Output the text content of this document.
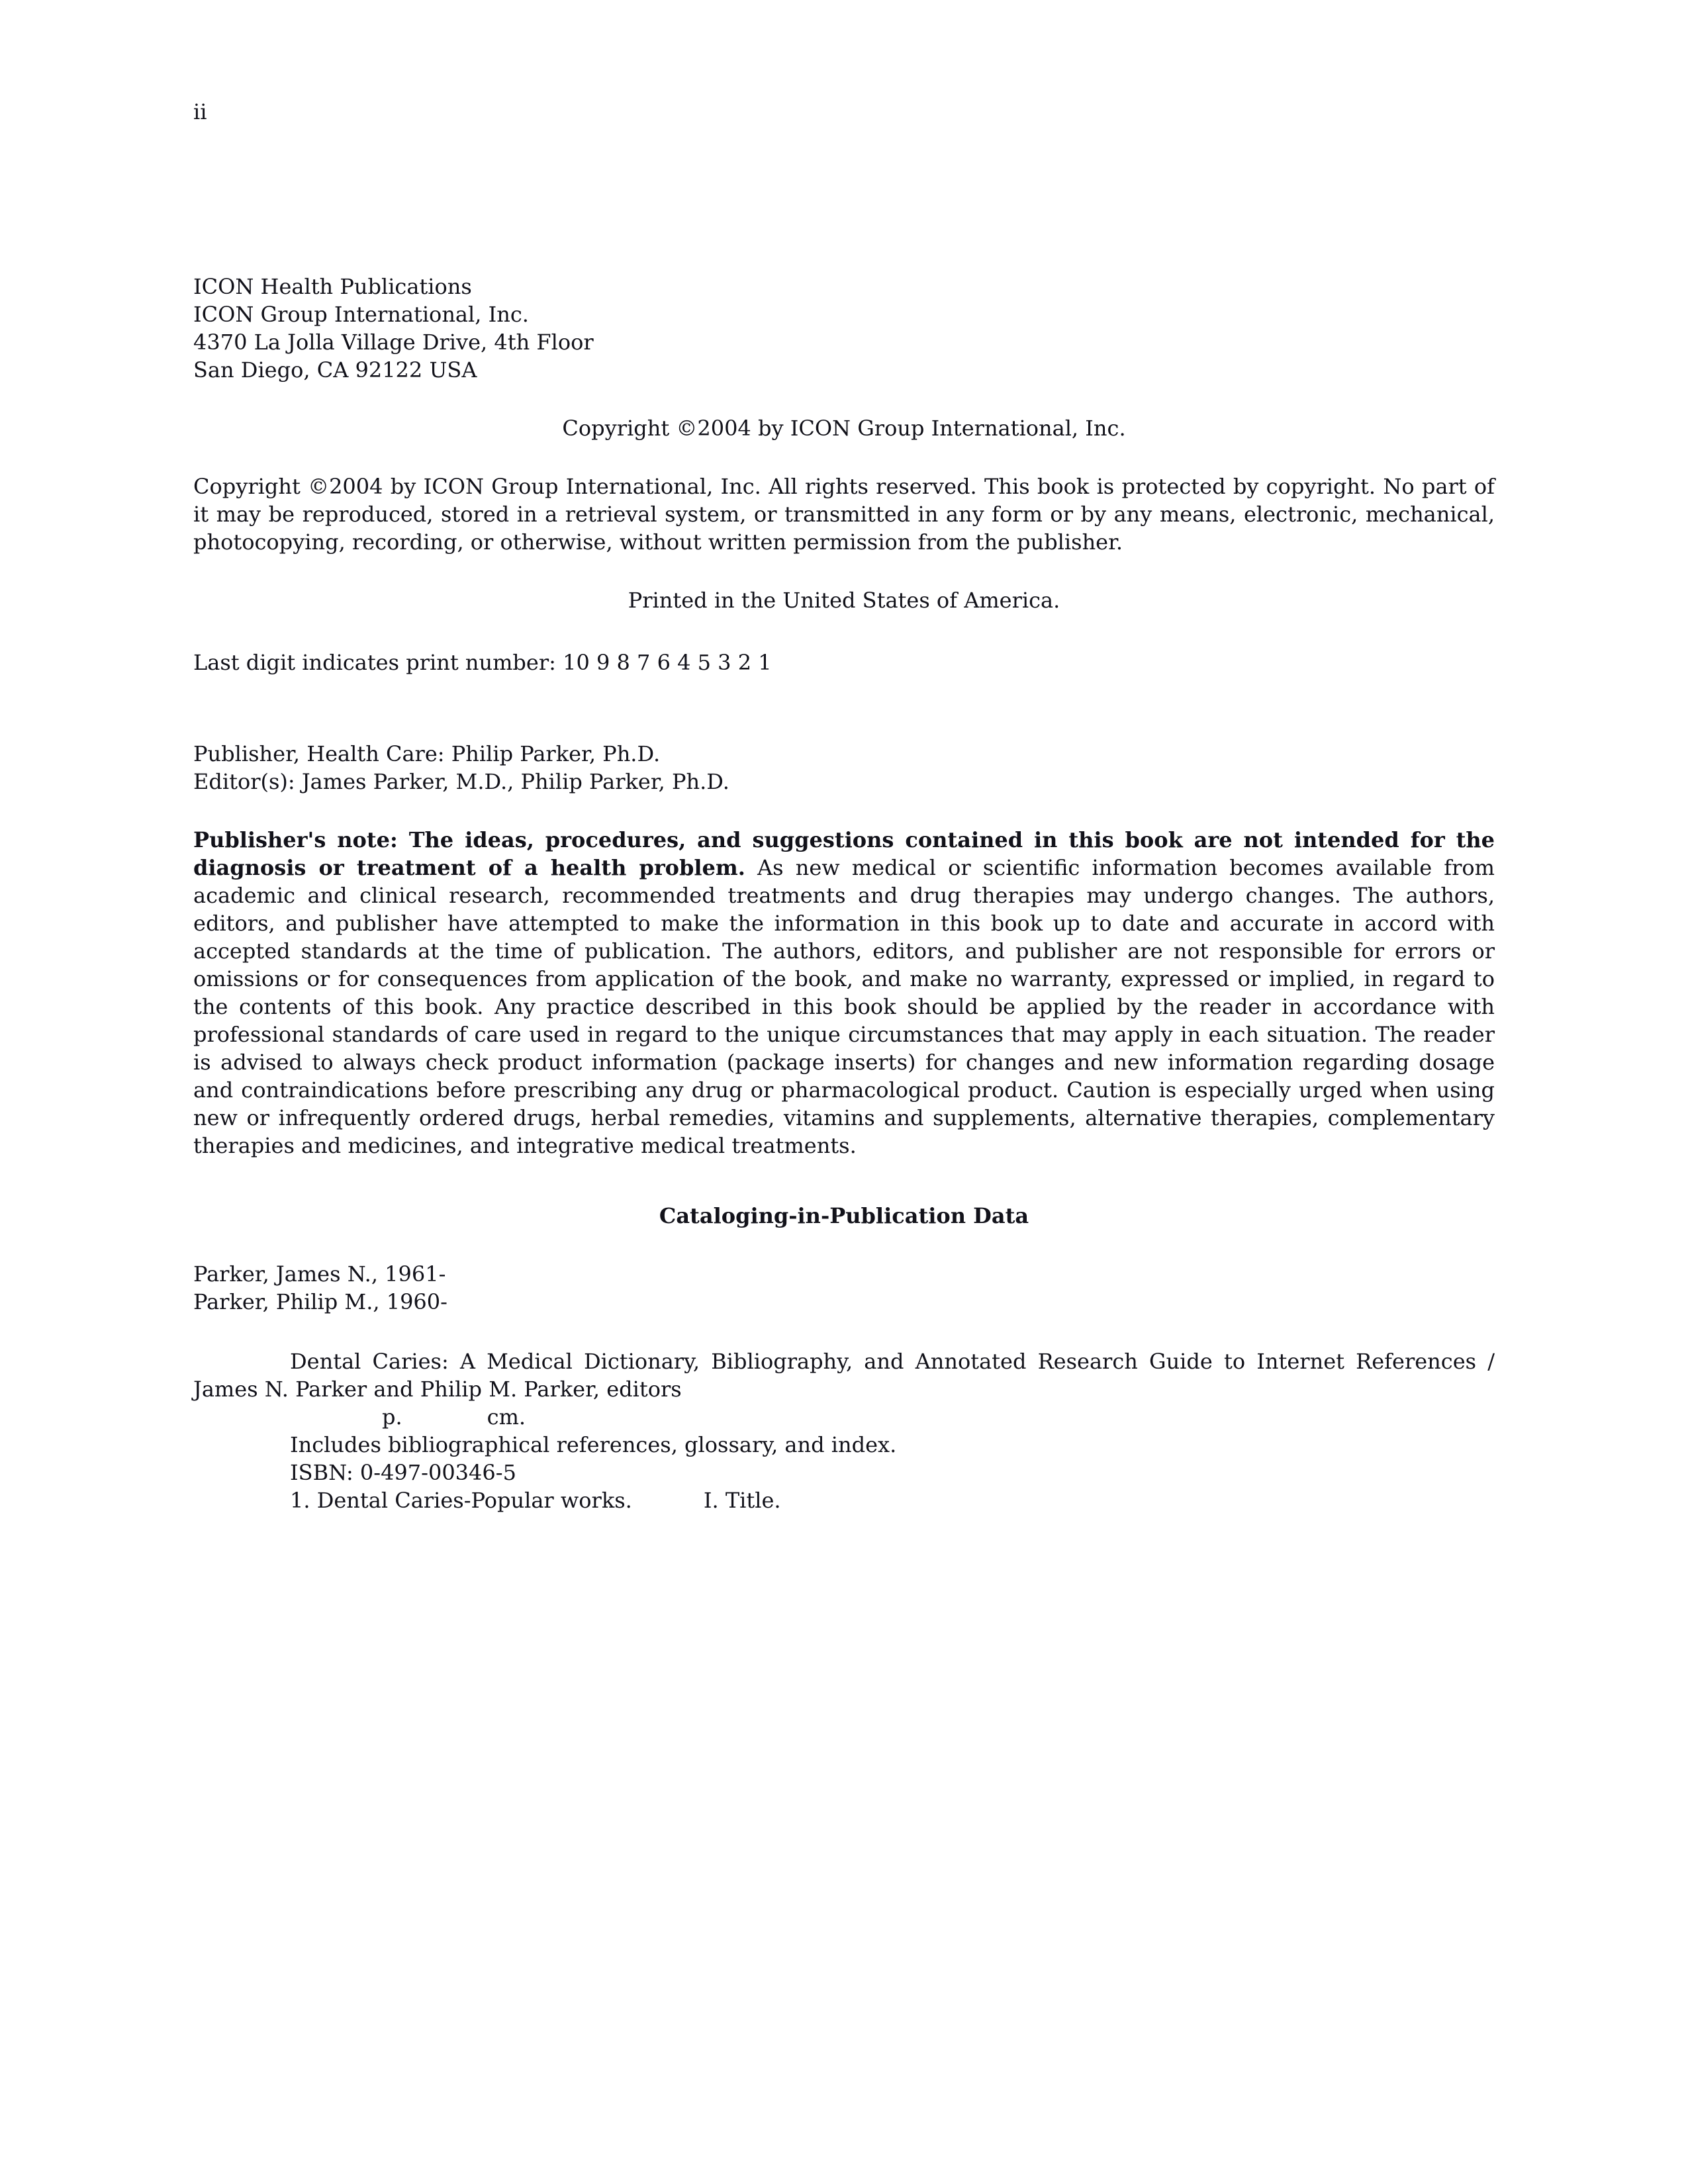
ii
ICON Health Publications
ICON Group International, Inc.
4370 La Jolla Village Drive, 4th Floor
San Diego, CA 92122 USA
Copyright ©2004 by ICON Group International, Inc.

Copyright ©2004 by ICON Group International, Inc. All rights reserved. This book is protected by copyright. No part of it may be reproduced, stored in a retrieval system, or transmitted in any form or by any means, electronic, mechanical, photocopying, recording, or otherwise, without written permission from the publisher.

Printed in the United States of America.
Last digit indicates print number: 10 9 8 7 6 4 5 3 2 1
Publisher, Health Care: Philip Parker, Ph.D.
Editor(s): James Parker, M.D., Philip Parker, Ph.D.

Publisher's note: The ideas, procedures, and suggestions contained in this book are not intended for the diagnosis or treatment of a health problem. As new medical or scientific information becomes available from academic and clinical research, recommended treatments and drug therapies may undergo changes. The authors, editors, and publisher have attempted to make the information in this book up to date and accurate in accord with accepted standards at the time of publication. The authors, editors, and publisher are not responsible for errors or omissions or for consequences from application of the book, and make no warranty, expressed or implied, in regard to the contents of this book. Any practice described in this book should be applied by the reader in accordance with professional standards of care used in regard to the unique circumstances that may apply in each situation. The reader is advised to always check product information (package inserts) for changes and new information regarding dosage and contraindications before prescribing any drug or pharmacological product. Caution is especially urged when using new or infrequently ordered drugs, herbal remedies, vitamins and supplements, alternative therapies, complementary therapies and medicines, and integrative medical treatments.

Cataloging-in-Publication Data
Parker, James N., 1961-
Parker, Philip M., 1960-

Dental Caries: A Medical Dictionary, Bibliography, and Annotated Research Guide to Internet References / James N. Parker and Philip M. Parker, editors

p.	cm.
Includes bibliographical references, glossary, and index.
ISBN: 0-497-00346-5
1. Dental Caries-Popular works.	I. Title.
